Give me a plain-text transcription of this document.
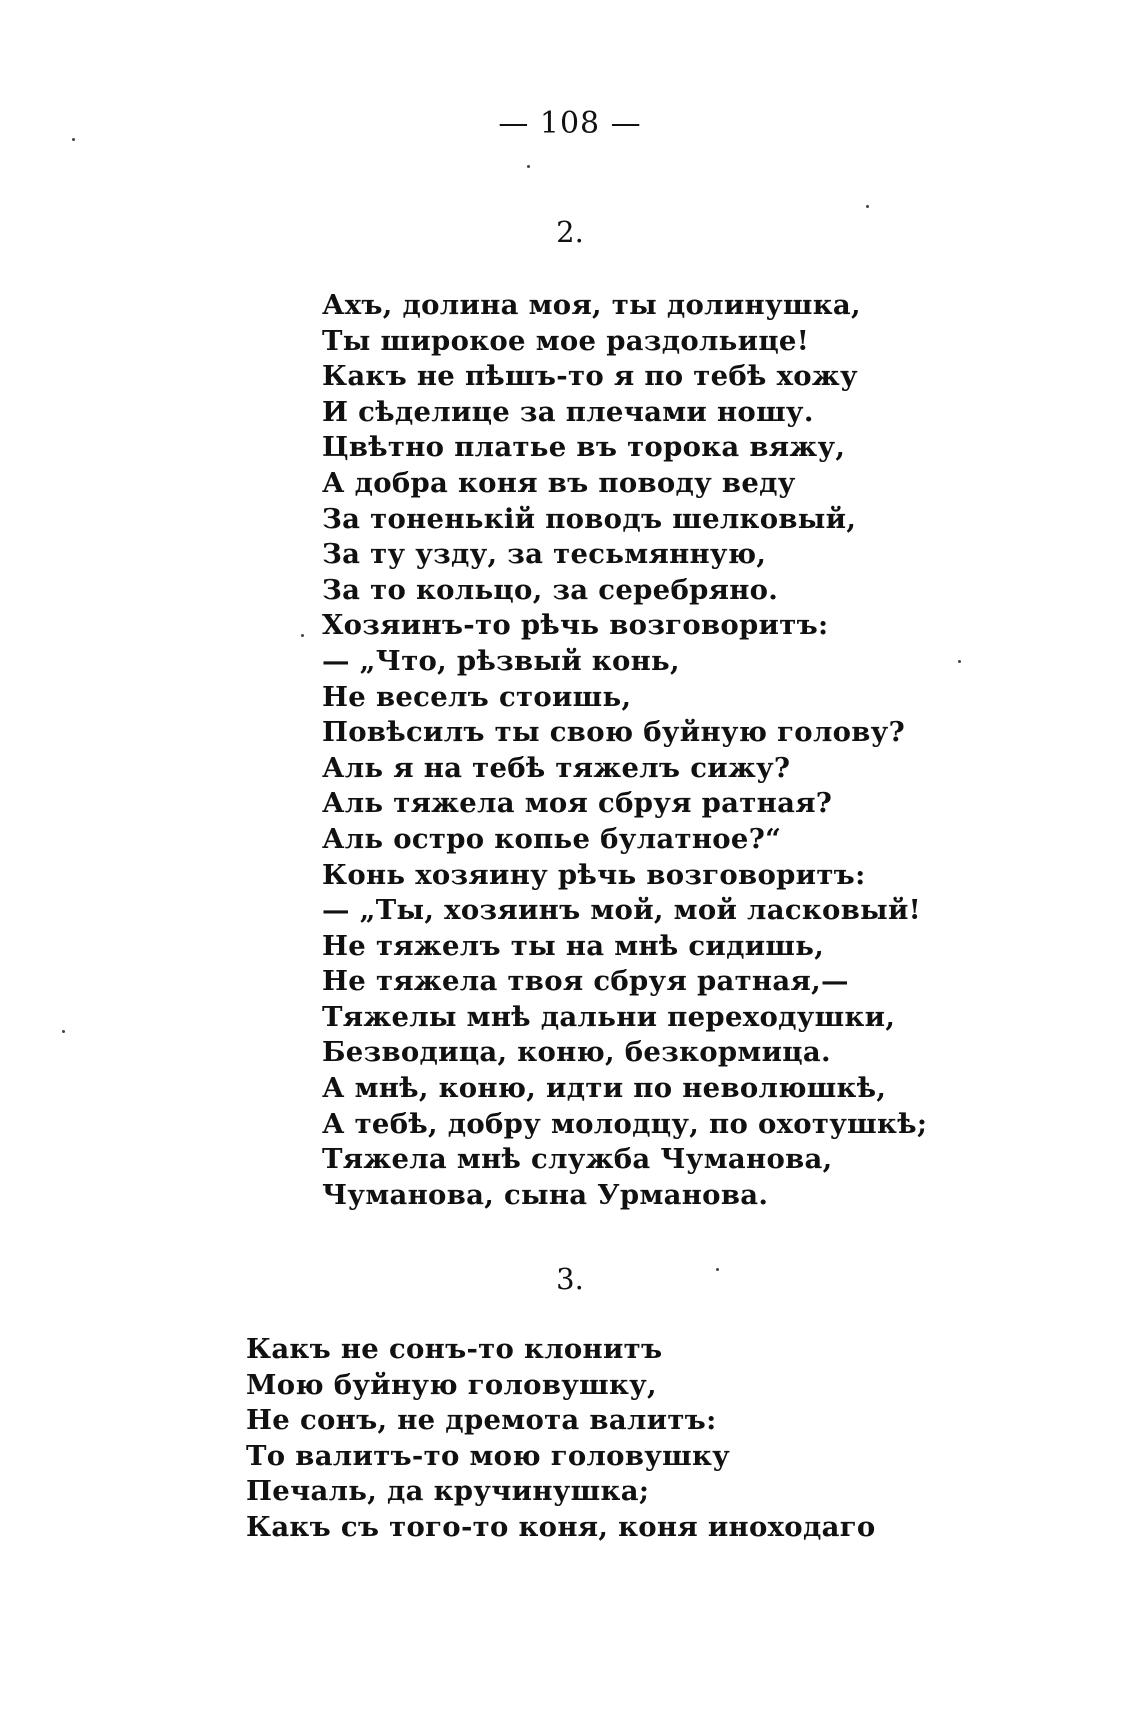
— 108 —
2.
Ахъ, долина моя, ты долинушка,
Ты широкое мое раздольице!
Какъ не пѣшъ-то я по тебѣ хожу
И сѣделице за плечами ношу.
Цвѣтно платье въ торока вяжу,
А добра коня въ поводу веду
За тоненькій поводъ шелковый,
За ту узду, за тесьмянную,
За то кольцо, за серебряно.
Хозяинъ-то рѣчь возговоритъ:
— „Что, рѣзвый конь,
Не веселъ стоишь,
Повѣсилъ ты свою буйную голову?
Аль я на тебѣ тяжелъ сижу?
Аль тяжела моя сбруя ратная?
Аль остро копье булатное?“
Конь хозяину рѣчь возговоритъ:
— „Ты, хозяинъ мой, мой ласковый!
Не тяжелъ ты на мнѣ сидишь,
Не тяжела твоя сбруя ратная,—
Тяжелы мнѣ дальни переходушки,
Безводица, коню, безкормица.
А мнѣ, коню, идти по неволюшкѣ,
А тебѣ, добру молодцу, по охотушкѣ;
Тяжела мнѣ служба Чуманова,
Чуманова, сына Урманова.
3.
Какъ не сонъ-то клонитъ
Мою буйную головушку,
Не сонъ, не дремота валитъ:
То валитъ-то мою головушку
Печаль, да кручинушка;
Какъ съ того-то коня, коня иноходаго
